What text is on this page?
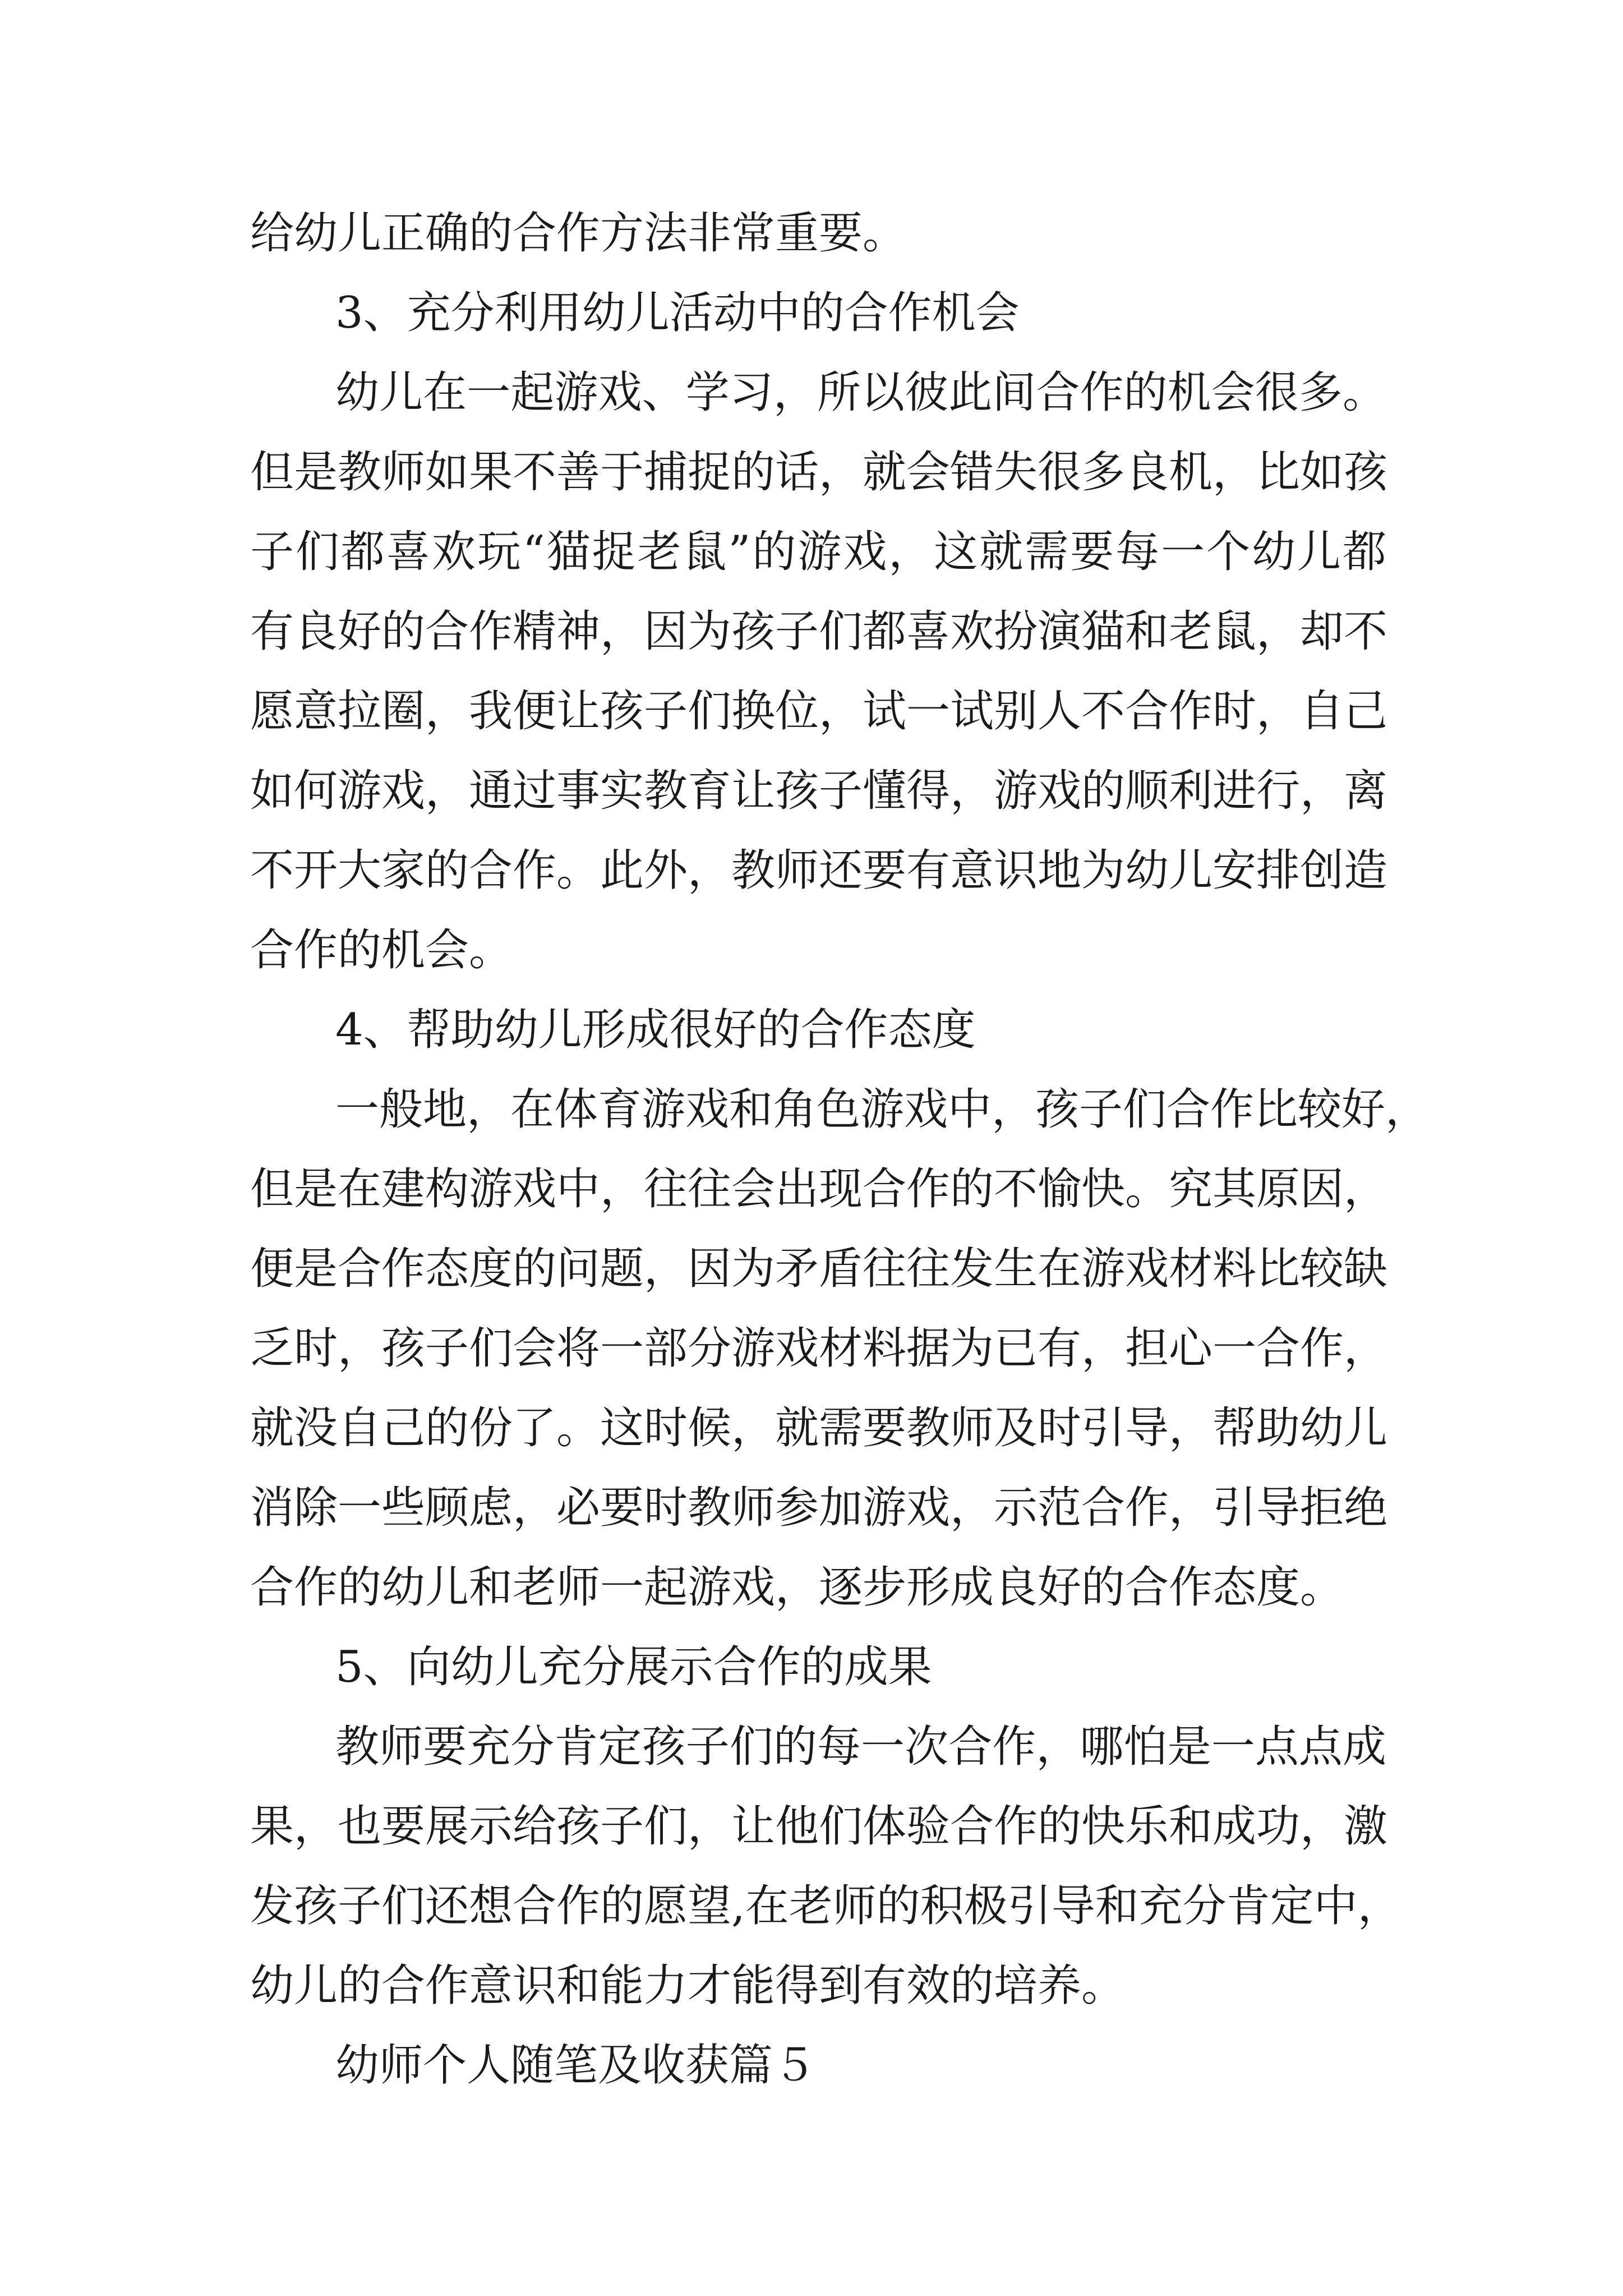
给幼儿正确的合作方法非常重要。
3、充分利用幼儿活动中的合作机会
幼儿在一起游戏、学习，所以彼此间合作的机会很多。
但是教师如果不善于捕捉的话，就会错失很多良机，比如孩
子们都喜欢玩“猫捉老鼠”的游戏，这就需要每一个幼儿都
有良好的合作精神，因为孩子们都喜欢扮演猫和老鼠，却不
愿意拉圈，我便让孩子们换位，试一试别人不合作时，自己
如何游戏，通过事实教育让孩子懂得，游戏的顺利进行，离
不开大家的合作。此外，教师还要有意识地为幼儿安排创造
合作的机会。
4、帮助幼儿形成很好的合作态度
一般地，在体育游戏和角色游戏中，孩子们合作比较好，
但是在建构游戏中，往往会出现合作的不愉快。究其原因，
便是合作态度的问题，因为矛盾往往发生在游戏材料比较缺
乏时，孩子们会将一部分游戏材料据为已有，担心一合作，
就没自己的份了。这时候，就需要教师及时引导，帮助幼儿
消除一些顾虑，必要时教师参加游戏，示范合作，引导拒绝
合作的幼儿和老师一起游戏，逐步形成良好的合作态度。
5、向幼儿充分展示合作的成果
教师要充分肯定孩子们的每一次合作，哪怕是一点点成
果，也要展示给孩子们，让他们体验合作的快乐和成功，激
发孩子们还想合作的愿望,在老师的积极引导和充分肯定中，
幼儿的合作意识和能力才能得到有效的培养。
幼师个人随笔及收获篇５
